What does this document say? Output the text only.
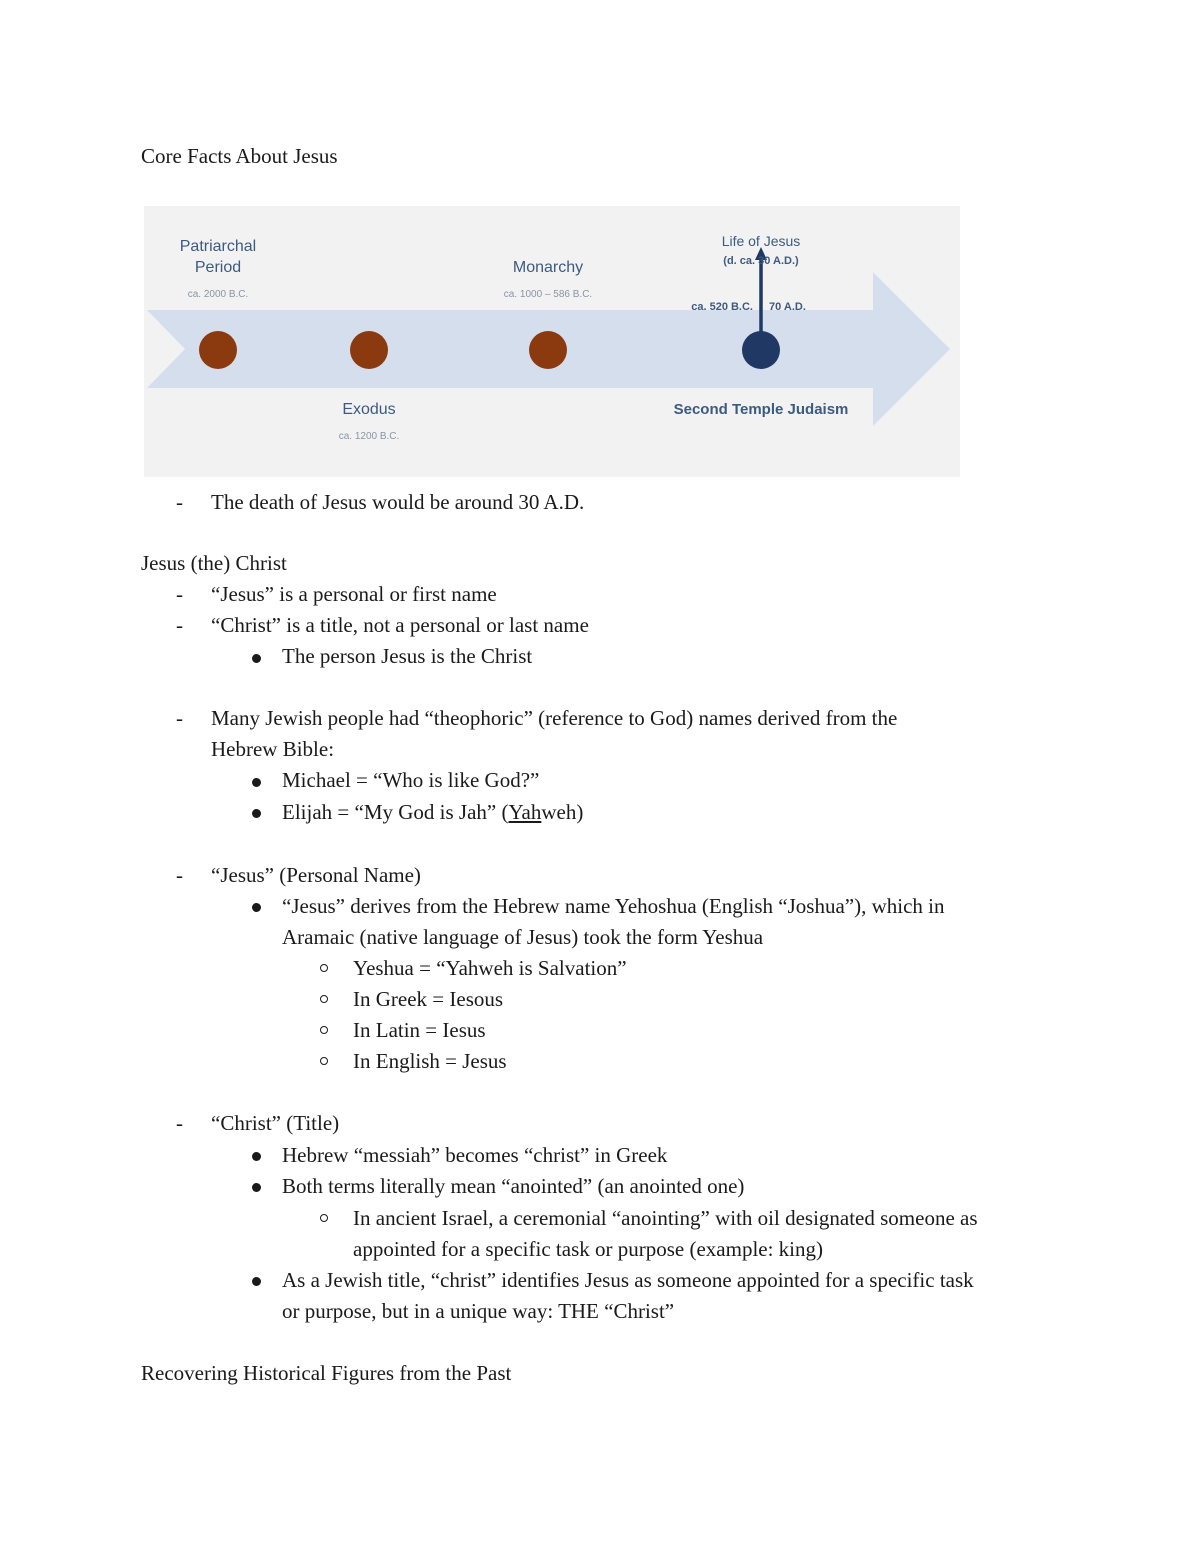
Core Facts About Jesus
Patriarchal
Period
ca. 2000 B.C.
Monarchy
ca. 1000 – 586 B.C.
Life of Jesus
(d. ca. 30 A.D.)
ca. 520 B.C. 70 A.D.
Exodus
ca. 1200 B.C.
Second Temple Judaism
- The death of Jesus would be around 30 A.D.
Jesus (the) Christ
- “Jesus” is a personal or first name
- “Christ” is a title, not a personal or last name
The person Jesus is the Christ
- Many Jewish people had “theophoric” (reference to God) names derived from the
Hebrew Bible:
Michael = “Who is like God?”
Elijah = “My God is Jah” (Yahweh)
- “Jesus” (Personal Name)
“Jesus” derives from the Hebrew name Yehoshua (English “Joshua”), which in
Aramaic (native language of Jesus) took the form Yeshua
Yeshua = “Yahweh is Salvation”
In Greek = Iesous
In Latin = Iesus
In English = Jesus
- “Christ” (Title)
Hebrew “messiah” becomes “christ” in Greek
Both terms literally mean “anointed” (an anointed one)
In ancient Israel, a ceremonial “anointing” with oil designated someone as
appointed for a specific task or purpose (example: king)
As a Jewish title, “christ” identifies Jesus as someone appointed for a specific task
or purpose, but in a unique way: THE “Christ”
Recovering Historical Figures from the Past
